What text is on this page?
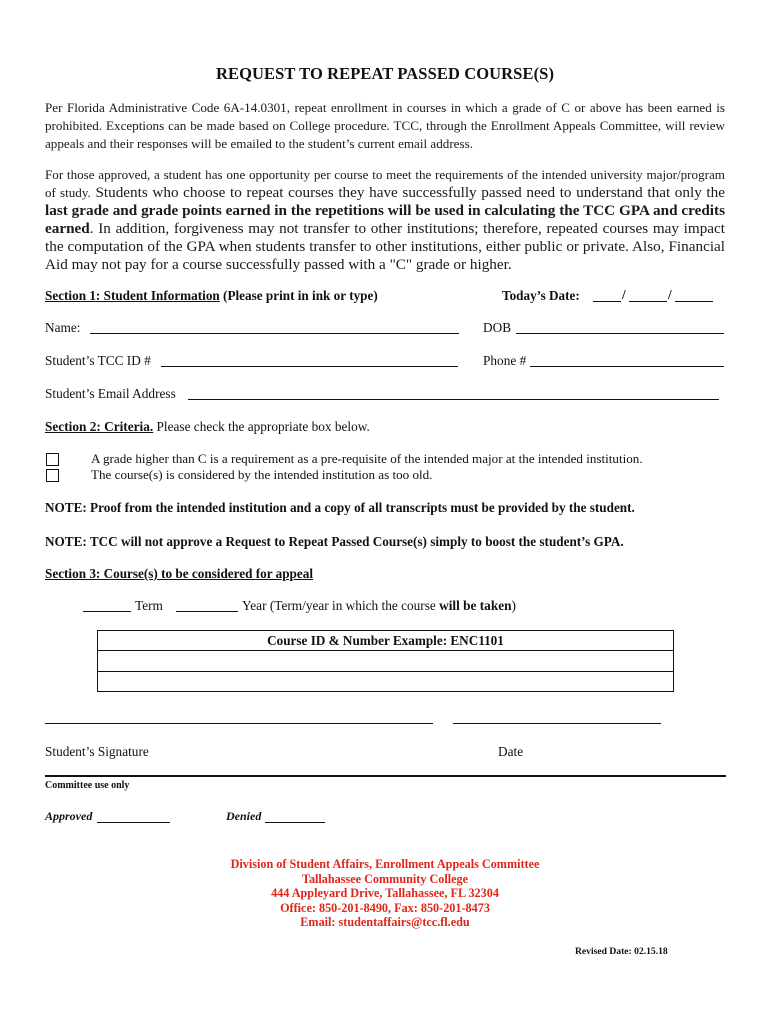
REQUEST TO REPEAT PASSED COURSE(S)
Per Florida Administrative Code 6A-14.0301, repeat enrollment in courses in which a grade of C or above has been earned is prohibited. Exceptions can be made based on College procedure. TCC, through the Enrollment Appeals Committee, will review appeals and their responses will be emailed to the student’s current email address.
For those approved, a student has one opportunity per course to meet the requirements of the intended university major/program of study. Students who choose to repeat courses they have successfully passed need to understand that only the last grade and grade points earned in the repetitions will be used in calculating the TCC GPA and credits earned. In addition, forgiveness may not transfer to other institutions; therefore, repeated courses may impact the computation of the GPA when students transfer to other institutions, either public or private. Also, Financial Aid may not pay for a course successfully passed with a "C" grade or higher.
Section 1: Student Information (Please print in ink or type)	Today’s Date:	/	/
Name:	DOB
Student’s TCC ID #	Phone #
Student’s Email Address
Section 2: Criteria. Please check the appropriate box below.
A grade higher than C is a requirement as a pre-requisite of the intended major at the intended institution.
The course(s) is considered by the intended institution as too old.
NOTE: Proof from the intended institution and a copy of all transcripts must be provided by the student.
NOTE: TCC will not approve a Request to Repeat Passed Course(s) simply to boost the student’s GPA.
Section 3: Course(s) to be considered for appeal
Term	Year (Term/year in which the course will be taken)
Course ID & Number Example: ENC1101
Student’s Signature	Date
Committee use only
Approved	Denied
Division of Student Affairs, Enrollment Appeals Committee
Tallahassee Community College
444 Appleyard Drive, Tallahassee, FL 32304
Office: 850-201-8490, Fax: 850-201-8473
Email: studentaffairs@tcc.fl.edu
Revised Date: 02.15.18
